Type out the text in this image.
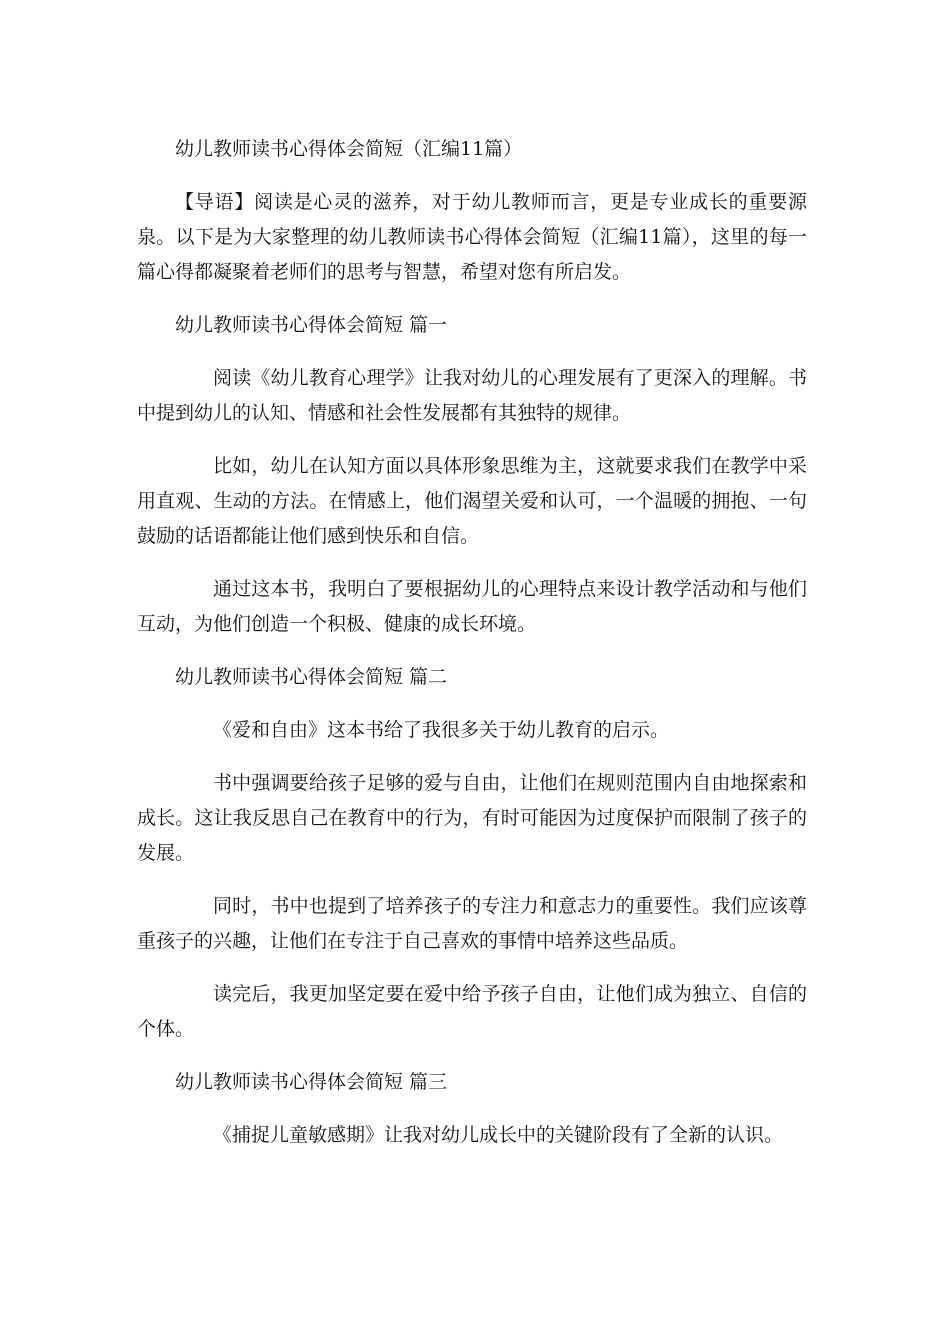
幼儿教师读书心得体会简短（汇编11篇）

【导语】阅读是心灵的滋养，对于幼儿教师而言，更是专业成长的重要源泉。以下是为大家整理的幼儿教师读书心得体会简短（汇编11篇），这里的每一篇心得都凝聚着老师们的思考与智慧，希望对您有所启发。

幼儿教师读书心得体会简短 篇一

阅读《幼儿教育心理学》让我对幼儿的心理发展有了更深入的理解。书中提到幼儿的认知、情感和社会性发展都有其独特的规律。

比如，幼儿在认知方面以具体形象思维为主，这就要求我们在教学中采用直观、生动的方法。在情感上，他们渴望关爱和认可，一个温暖的拥抱、一句鼓励的话语都能让他们感到快乐和自信。

通过这本书，我明白了要根据幼儿的心理特点来设计教学活动和与他们互动，为他们创造一个积极、健康的成长环境。

幼儿教师读书心得体会简短 篇二

《爱和自由》这本书给了我很多关于幼儿教育的启示。

书中强调要给孩子足够的爱与自由，让他们在规则范围内自由地探索和成长。这让我反思自己在教育中的行为，有时可能因为过度保护而限制了孩子的发展。

同时，书中也提到了培养孩子的专注力和意志力的重要性。我们应该尊重孩子的兴趣，让他们在专注于自己喜欢的事情中培养这些品质。

读完后，我更加坚定要在爱中给予孩子自由，让他们成为独立、自信的个体。

幼儿教师读书心得体会简短 篇三

《捕捉儿童敏感期》让我对幼儿成长中的关键阶段有了全新的认识。
